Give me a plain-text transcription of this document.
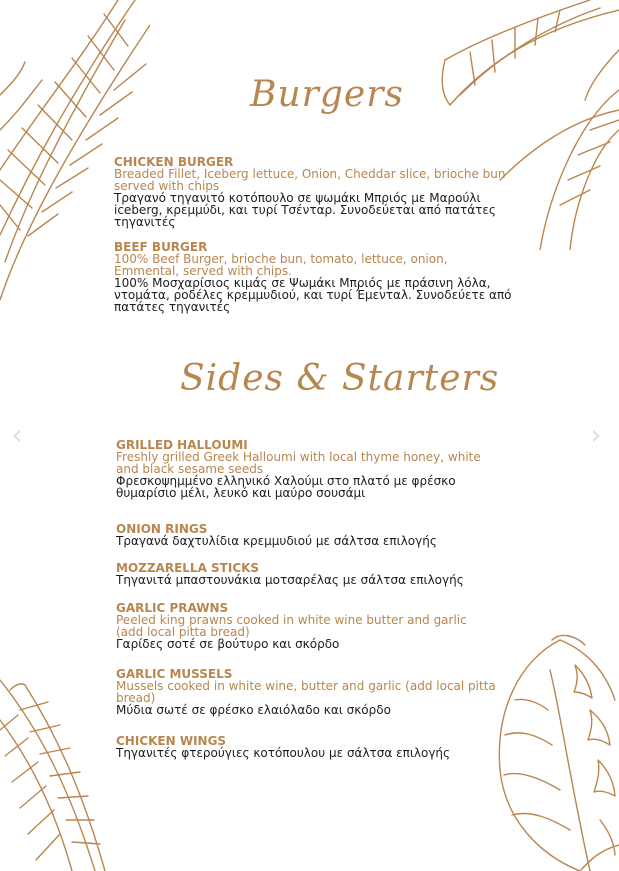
‹	›
Burgers

CHICKEN BURGER

Breaded Fillet, Iceberg lettuce, Onion, Cheddar slice, brioche bun served with chips

Τραγανό τηγανιτό κοτόπουλο σε ψωμάκι Μπριός με Μαρούλι iceberg, κρεμμύδι, και τυρί Τσένταρ. Συνοδεύεται από πατάτες τηγανιτές

BEEF BURGER

100% Beef Burger, brioche bun, tomato, lettuce, onion, Emmental, served with chips.

100% Μοσχαρίσιος κιμάς σε Ψωμάκι Μπριός με πράσινη λόλα, ντομάτα, ροδέλες κρεμμυδιού, και τυρί Έμενταλ. Συνοδεύετε από πατάτες τηγανιτές

Sides & Starters

GRILLED HALLOUMI

Freshly grilled Greek Halloumi with local thyme honey, white and black sesame seeds

Φρεσκοψημμένο ελληνικό Χαλούμι στο πλατό με φρέσκο θυμαρίσιο μέλι, λευκό και μαύρο σουσάμι

ONION RINGS

Τραγανά δαχτυλίδια κρεμμυδιού με σάλτσα επιλογής

MOZZARELLA STICKS

Τηγανιτά μπαστουνάκια μοτσαρέλας με σάλτσα επιλογής

GARLIC PRAWNS

Peeled king prawns cooked in white wine butter and garlic (add local pitta bread)

Γαρίδες σοτέ σε βούτυρο και σκόρδο

GARLIC MUSSELS

Mussels cooked in white wine, butter and garlic (add local pitta bread)

Μύδια σωτέ σε φρέσκο ελαιόλαδο και σκόρδο

CHICKEN WINGS

Τηγανιτές φτερούγιες κοτόπουλου με σάλτσα επιλογής
